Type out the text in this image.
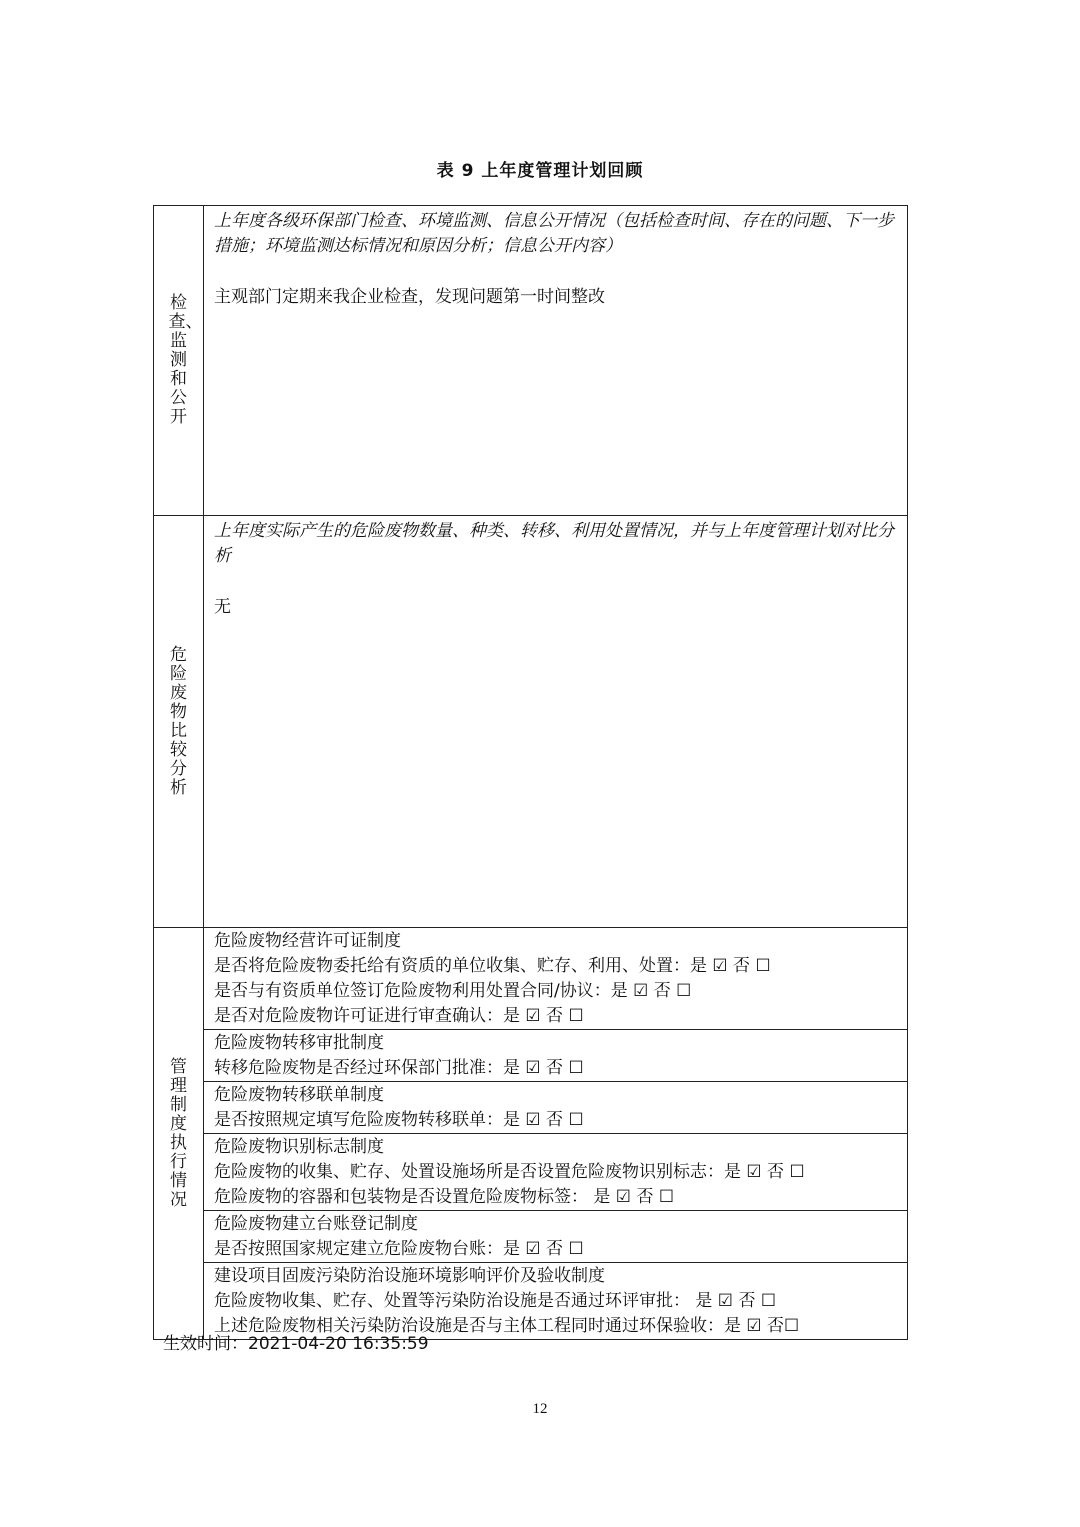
表 9 上年度管理计划回顾
检查、监测和公开	上年度各级环保部门检查、环境监测、信息公开情况（包括检查时间、存在的问题、下一步措施；环境监测达标情况和原因分析；信息公开内容）
主观部门定期来我企业检查，发现问题第一时间整改

危险废物比较分析	上年度实际产生的危险废物数量、种类、转移、利用处置情况，并与上年度管理计划对比分析
无

管理制度执行情况	危险废物经营许可证制度
是否将危险废物委托给有资质的单位收集、贮存、利用、处置：是 ☑ 否 ☐
是否与有资质单位签订危险废物利用处置合同/协议：是 ☑ 否 ☐
是否对危险废物许可证进行审查确认：是 ☑ 否 ☐

	危险废物转移审批制度
转移危险废物是否经过环保部门批准：是 ☑ 否 ☐

	危险废物转移联单制度
是否按照规定填写危险废物转移联单：是 ☑ 否 ☐

	危险废物识别标志制度
危险废物的收集、贮存、处置设施场所是否设置危险废物识别标志：是 ☑ 否 ☐
危险废物的容器和包装物是否设置危险废物标签： 是 ☑ 否 ☐

	危险废物建立台账登记制度
是否按照国家规定建立危险废物台账：是 ☑ 否 ☐

	建设项目固废污染防治设施环境影响评价及验收制度
危险废物收集、贮存、处置等污染防治设施是否通过环评审批： 是 ☑ 否 ☐
上述危险废物相关污染防治设施是否与主体工程同时通过环保验收：是 ☑ 否☐
生效时间：2021-04-20 16:35:59
12
